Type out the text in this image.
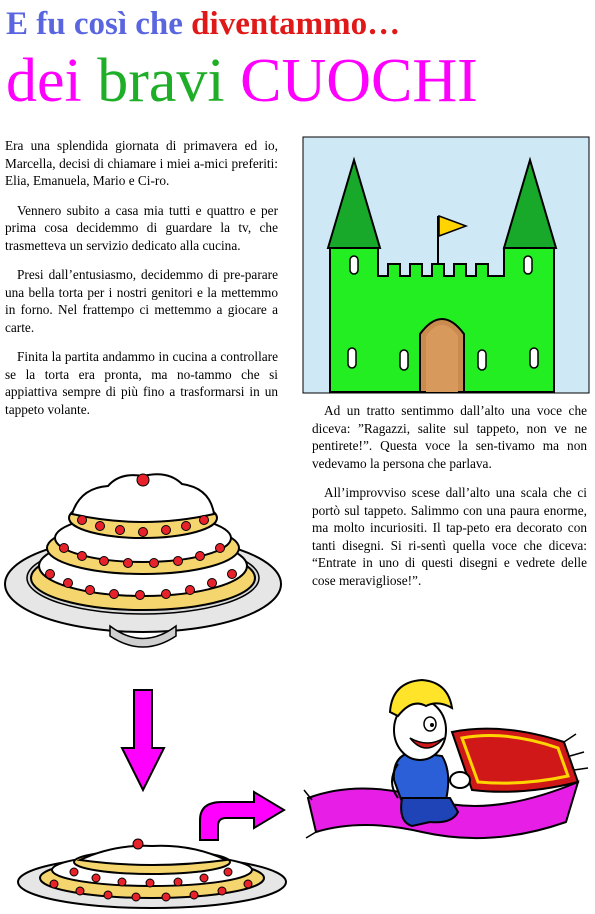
E fu così che diventammo…
dei bravi CUOCHI

Era una splendida giornata di primavera ed io, Marcella, decisi di chiamare i miei a-mici preferiti: Elia, Emanuela, Mario e Ci-ro.

Vennero subito a casa mia tutti e quattro e per prima cosa decidemmo di guardare la tv, che trasmetteva un servizio dedicato alla cucina.

Presi dall’entusiasmo, decidemmo di pre-parare una bella torta per i nostri genitori e la mettemmo in forno. Nel frattempo ci mettemmo a giocare a carte.

Finita la partita andammo in cucina a controllare se la torta era pronta, ma no-tammo che si appiattiva sempre di più fino a trasformarsi in un tappeto volante.	Ad un tratto sentimmo dall’alto una voce che diceva: ”Ragazzi, salite sul tappeto, non ve ne pentirete!”. Questa voce la sen-tivamo ma non vedevamo la persona che parlava.

All’improvviso scese dall’alto una scala che ci portò sul tappeto. Salimmo con una paura enorme, ma molto incuriositi. Il tap-peto era decorato con tanti disegni. Si ri-sentì quella voce che diceva: “Entrate in uno di questi disegni e vedrete delle cose meravigliose!”.
